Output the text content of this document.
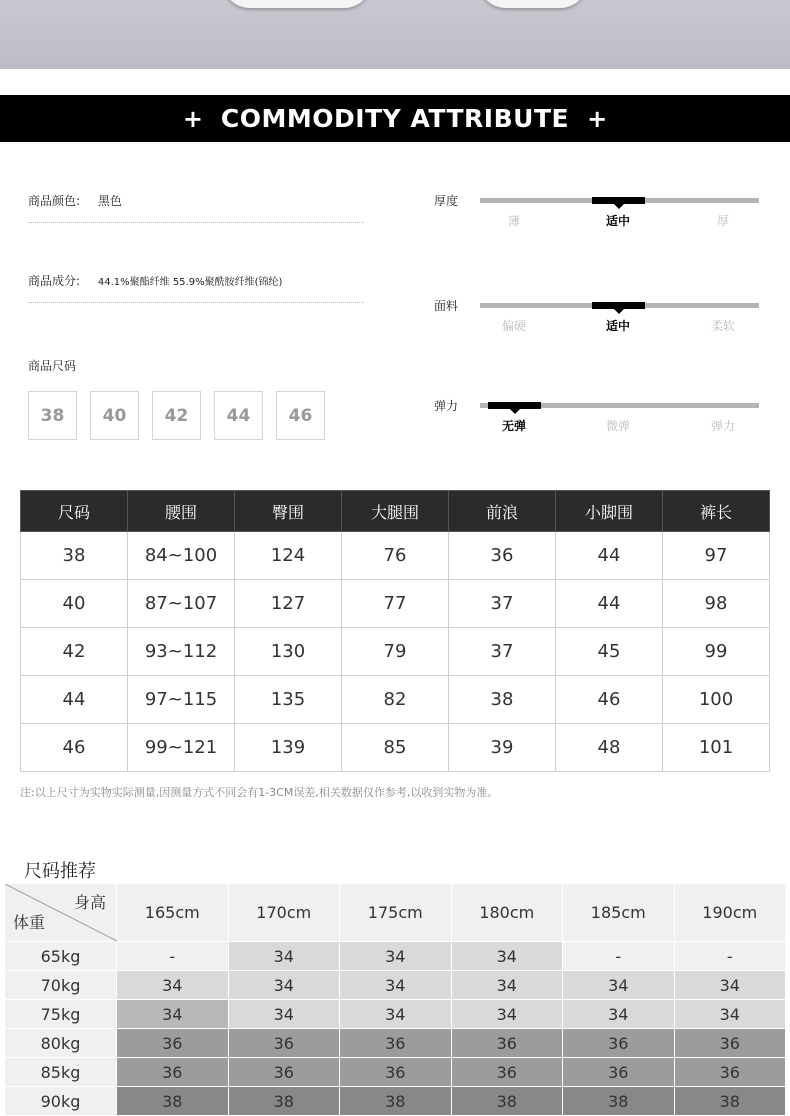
+ COMMODITY ATTRIBUTE +
商品颜色: 黑色
商品成分: 44.1%聚酯纤维 55.9%聚酰胺纤维(锦纶)
商品尺码
38	40	42	44	46
厚度
薄	适中	厚
面料
偏硬	适中	柔软
弹力
无弹	微弹	弹力
尺码	腰围	臀围	大腿围	前浪	小脚围	裤长
38	84~100	124	76	36	44	97
40	87~107	127	77	37	44	98
42	93~112	130	79	37	45	99
44	97~115	135	82	38	46	100
46	99~121	139	85	39	48	101
注:以上尺寸为实物实际测量,因测量方式不同会有1-3CM误差,相关数据仅作参考,以收到实物为准。
尺码推荐
身高
体重	165cm	170cm	175cm	180cm	185cm	190cm
65kg	-	34	34	34	-	-
70kg	34	34	34	34	34	34
75kg	34	34	34	34	34	34
80kg	36	36	36	36	36	36
85kg	36	36	36	36	36	36
90kg	38	38	38	38	38	38
